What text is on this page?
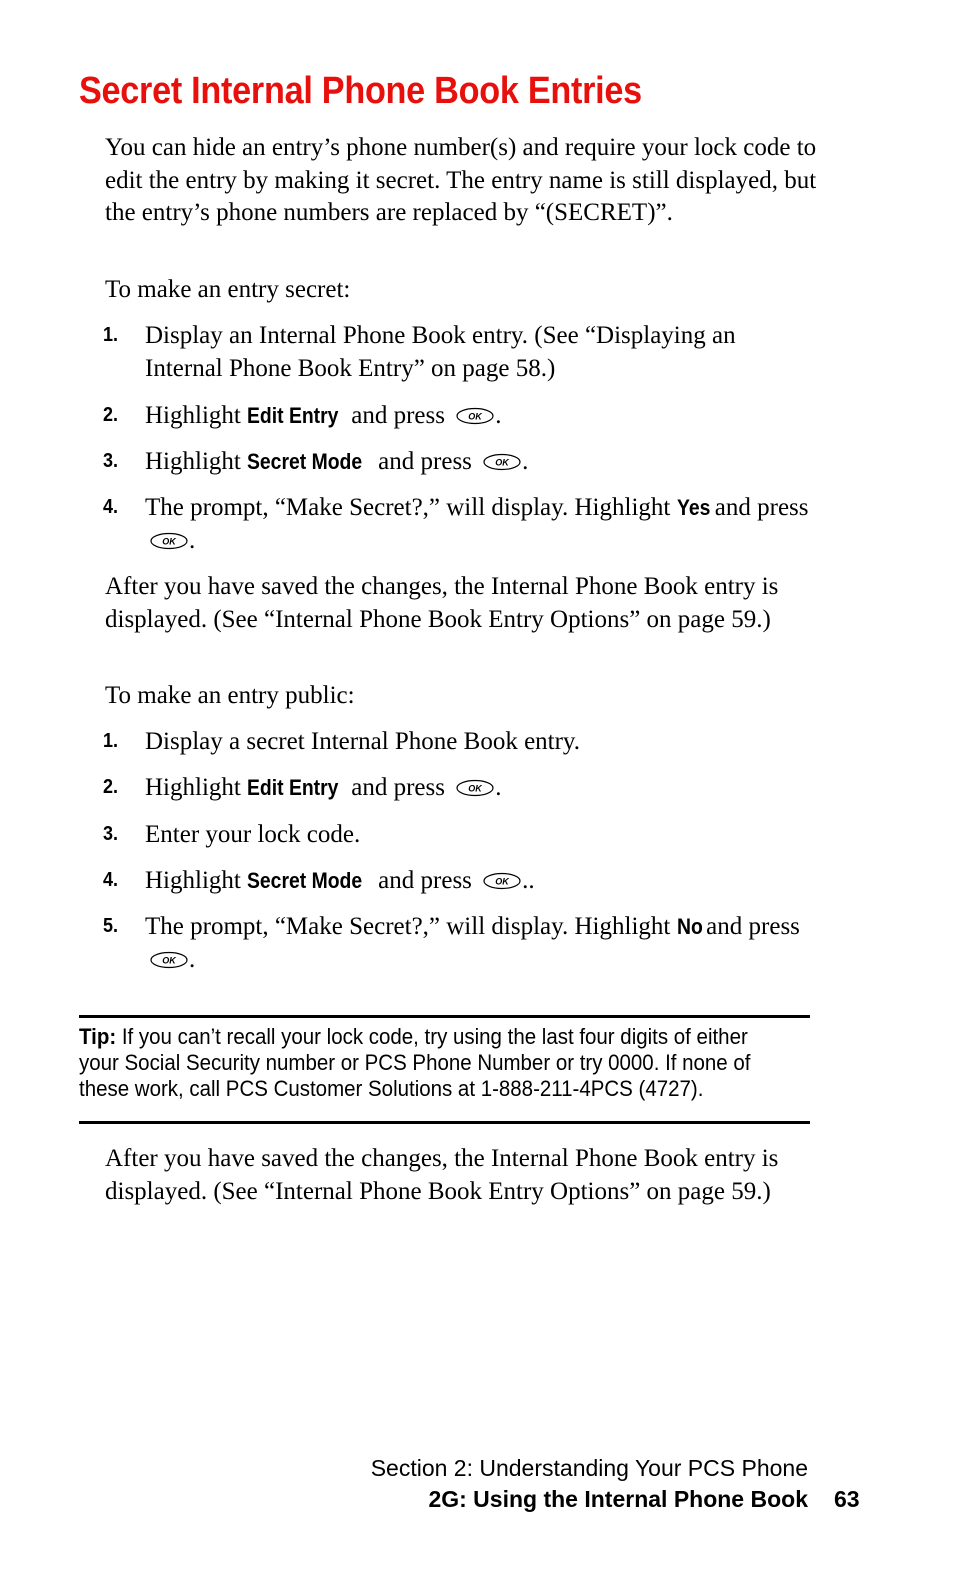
Secret Internal Phone Book Entries
You can hide an entry’s phone number(s) and require your lock code to edit the entry by making it secret. The entry name is still displayed, but the entry’s phone numbers are replaced by “(SECRET)”.
To make an entry secret:
1. Display an Internal Phone Book entry. (See “Displaying an Internal Phone Book Entry” on page 58.)
2. Highlight Edit Entry and press OK .
3. Highlight Secret Mode and press OK .
4. The prompt, “Make Secret?,” will display. Highlight Yes and press
OK .
After you have saved the changes, the Internal Phone Book entry is displayed. (See “Internal Phone Book Entry Options” on page 59.)
To make an entry public:
1. Display a secret Internal Phone Book entry.
2. Highlight Edit Entry and press OK .
3. Enter your lock code.
4. Highlight Secret Mode and press OK ..
5. The prompt, “Make Secret?,” will display. Highlight No and press
OK .
Tip: If you can’t recall your lock code, try using the last four digits of either your Social Security number or PCS Phone Number or try 0000. If none of these work, call PCS Customer Solutions at 1-888-211-4PCS (4727).
After you have saved the changes, the Internal Phone Book entry is displayed. (See “Internal Phone Book Entry Options” on page 59.)
Section 2: Understanding Your PCS Phone
2G: Using the Internal Phone Book 63
